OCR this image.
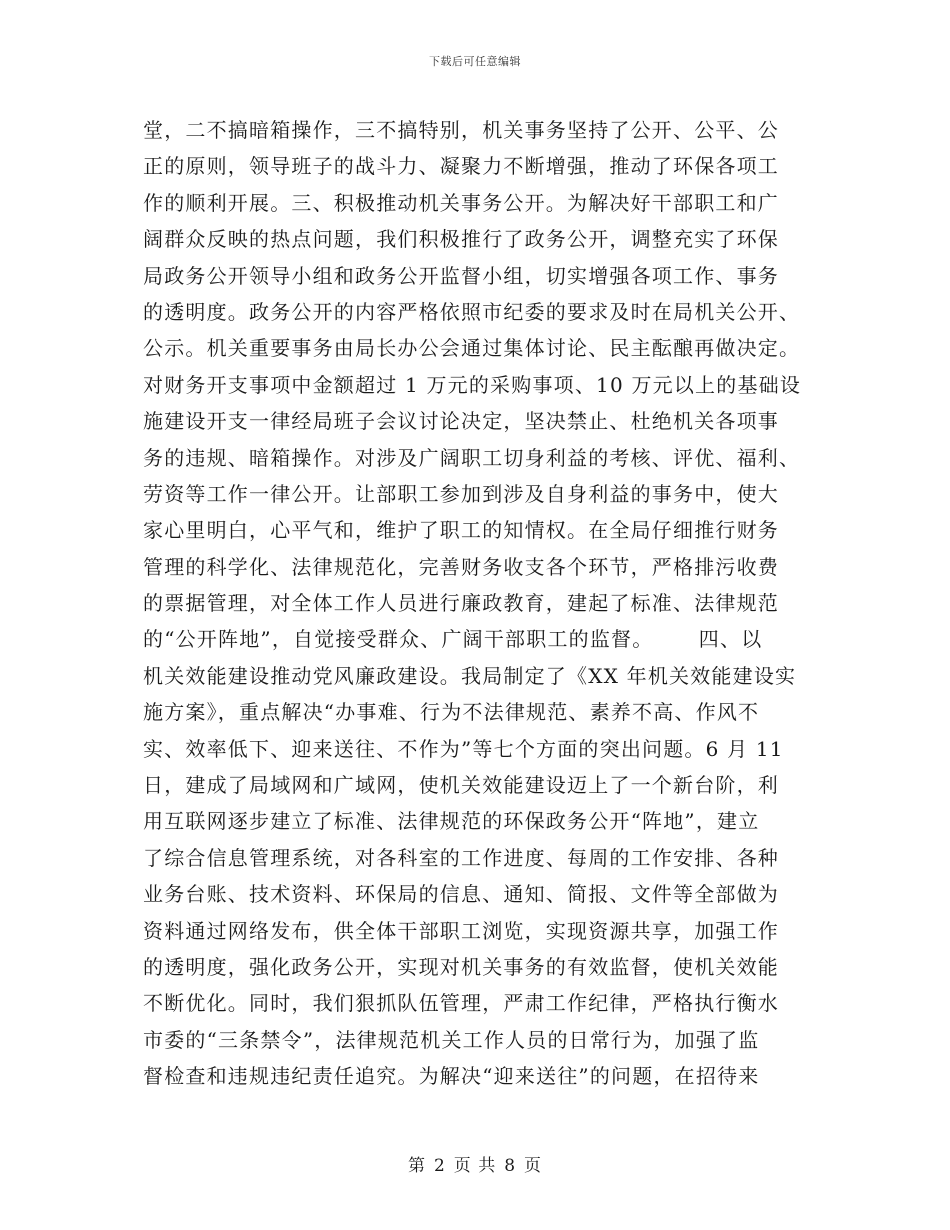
下载后可任意编辑
堂，二不搞暗箱操作，三不搞特别，机关事务坚持了公开、公平、公
正的原则，领导班子的战斗力、凝聚力不断增强，推动了环保各项工
作的顺利开展。三、积极推动机关事务公开。为解决好干部职工和广
阔群众反映的热点问题，我们积极推行了政务公开，调整充实了环保
局政务公开领导小组和政务公开监督小组，切实增强各项工作、事务
的透明度。政务公开的内容严格依照市纪委的要求及时在局机关公开、
公示。机关重要事务由局长办公会通过集体讨论、民主酝酿再做决定。
对财务开支事项中金额超过 1 万元的采购事项、10 万元以上的基础设
施建设开支一律经局班子会议讨论决定，坚决禁止、杜绝机关各项事
务的违规、暗箱操作。对涉及广阔职工切身利益的考核、评优、福利、
劳资等工作一律公开。让部职工参加到涉及自身利益的事务中，使大
家心里明白，心平气和，维护了职工的知情权。在全局仔细推行财务
管理的科学化、法律规范化，完善财务收支各个环节，严格排污收费
的票据管理，对全体工作人员进行廉政教育，建起了标准、法律规范
的“公开阵地”，自觉接受群众、广阔干部职工的监督。      四、以
机关效能建设推动党风廉政建设。我局制定了《XX 年机关效能建设实
施方案》，重点解决“办事难、行为不法律规范、素养不高、作风不
实、效率低下、迎来送往、不作为”等七个方面的突出问题。6 月 11
日，建成了局域网和广域网，使机关效能建设迈上了一个新台阶，利
用互联网逐步建立了标准、法律规范的环保政务公开“阵地”，建立
了综合信息管理系统，对各科室的工作进度、每周的工作安排、各种
业务台账、技术资料、环保局的信息、通知、简报、文件等全部做为
资料通过网络发布，供全体干部职工浏览，实现资源共享，加强工作
的透明度，强化政务公开，实现对机关事务的有效监督，使机关效能
不断优化。同时，我们狠抓队伍管理，严肃工作纪律，严格执行衡水
市委的“三条禁令”，法律规范机关工作人员的日常行为，加强了监
督检查和违规违纪责任追究。为解决“迎来送往”的问题，在招待来
第 2 页 共 8 页
